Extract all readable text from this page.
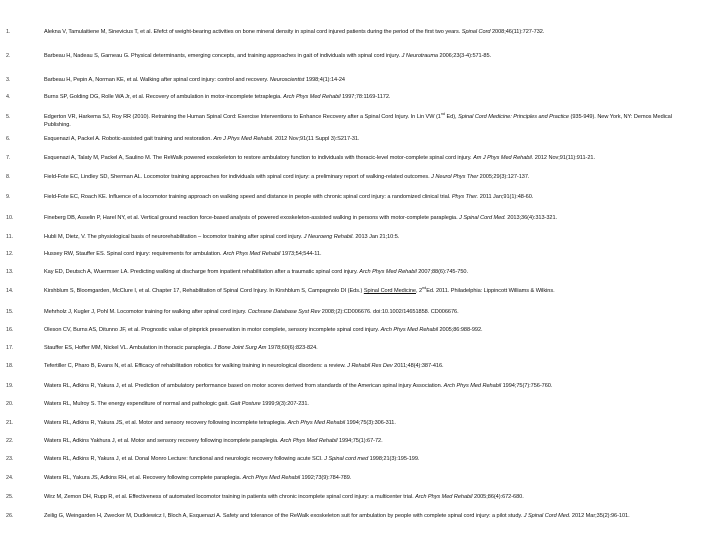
1.	Alekna V, Tamulaitiene M, Sinevicius T, et al. Efefct of weight-bearing activities on bone mineral density in spinal cord injured patients during the period of the first two years. Spinal Cord 2008;46(11):727-732.
2.	Barbeau H, Nadeau S, Garneau G. Physical determinants, emerging concepts, and training approaches in gait of individuals with spinal cord injury. J Neurotrauma 2006;23(3-4):571-85.
3.	Barbeau H, Pepin A, Norman KE, et al. Walking after spinal cord injury: control and recovery. Neuroscientist 1998;4(1):14-24
4.	Burns SP, Golding DG, Rolle WA Jr, et al. Recovery of ambulation in motor-incomplete tetraplegia. Arch Phys Med Rehabil 1997;78:1169-1172.
5.	Edgerton VR, Harkema SJ, Roy RR (2010). Retraining the Human Spinal Cord: Exercise Interventions to Enhance Recovery after a Spinal Cord Injury. In Lin VW (1nd Ed), Spinal Cord Medicine: Principles and Practice (935-949). New York, NY: Demos Medical Publishing.
6.	Esquenazi A, Packel A. Robotic-assisted gait training and restoration. Am J Phys Med Rehabil. 2012 Nov;91(11 Suppl 3):S217-31.
7.	Esquenazi A, Talaty M, Packel A, Saulino M. The ReWalk powered exoskeleton to restore ambulatory function to individuals with thoracic-level motor-complete spinal cord injury. Am J Phys Med Rehabil. 2012 Nov;91(11):911-21.
8.	Field-Fote EC, Lindley SD, Sherman AL. Locomotor training approaches for individuals with spinal cord injury: a preliminary report of walking-related outcomes. J Neurol Phys Ther 2005;29(3):127-137.
9.	Field-Fote EC, Roach KE. Influence of a locomotor training approach on walking speed and distance in people with chronic spinal cord injury: a randomized clinical trial. Phys Ther. 2011 Jan;91(1):48-60.
10.	Fineberg DB, Asselin P, Harel NY, et al. Vertical ground reaction force-based analysis of powered exoskeleton-assisted walking in persons with motor-complete paraplegia. J Spinal Cord Med. 2013;36(4):313-321.
11.	Hubli M, Dietz, V. The physiological basis of neurorehabilitation – locomotor training after spinal cord injury. J Neuroeng Rehabil. 2013 Jan 21;10:5.
12.	Hussey RW, Stauffer ES. Spinal cord injury: requirements for ambulation. Arch Phys Med Rehabil 1973;54;544-11.
13.	Kay ED, Deutsch A, Wuermser LA. Predicting walking at discharge from inpatient rehabilitation after a traumatic spinal cord injury. Arch Phys Med Rehabil 2007;88(6):745-750.
14.	Kirshblum S, Bloomgarden, McClure I, et al. Chapter 17, Rehabilitation of Spinal Cord Injury. In Kirshblum S, Campagnolo DI (Eds.) Spinal Cord Medicine, 2ndEd. 2011. Philadelphia: Lippincott Williams & Wilkins.
15.	Mehrholz J, Kugler J, Pohl M. Locomotor training for walking after spinal cord injury. Cochrane Database Syst Rev 2008;(2):CD006676. doi:10.1002/14651858. CD006676.
16.	Oleson CV, Burns AS, Ditunno JF, et al. Prognostic value of pinprick preservation in motor complete, sensory incomplete spinal cord injury. Arch Phys Med Rehabil 2005;86:988-992.
17.	Stauffer ES, Hoffer MM, Nickel VL. Ambulation in thoracic paraplegia. J Bone Joint Surg Am 1978;60(6):823-824.
18.	Tefertiller C, Pharo B, Evans N, et al. Efficacy of rehabilitation robotics for walking training in neurological disorders: a review. J Rehabil Res Dev 2011;48(4):387-416.
19.	Waters RL, Adkins R, Yakura J, et al. Prediction of ambulatory performance based on motor scores derived from standards of the American spinal injury Association. Arch Phys Med Rehabil 1994;75(7):756-760.
20.	Waters RL, Mulroy S. The energy expenditure of normal and pathologic gait. Gait Posture 1999;9(3):207-231.
21.	Waters RL, Adkins R, Yakura JS, et al. Motor and sensory recovery following incomplete tetraplegia. Arch Phys Med Rehabil 1994;75(3):306-311.
22.	Waters RL, Adkins Yakhura J, et al. Motor and sensory recovery following incomplete paraplegia. Arch Phys Med Rehabil 1994;75(1):67-72.
23.	Waters RL, Adkins R, Yakura J, et al. Donal Monro Lecture: functional and neurologic recovery following acute SCI. J Spinal cord med 1998;21(3):195-199.
24.	Waters RL, Yakura JS, Adkins RH, et al. Recovery following complete paraplegia. Arch Phys Med Rehabil 1992;73(9):784-789.
25.	Wirz M, Zemon DH, Rupp R, et al. Effectiveness of automated locomotor training in patients with chronic incomplete spinal cord injury: a multicenter trial. Arch Phys Med Rehabil 2005;86(4):672-680.
26.	Zeilig G, Weingarden H, Zwecker M, Dudkiewicz I, Bloch A, Esquenazi A. Safety and tolerance of the ReWalk exoskeleton suit for ambulation by people with complete spinal cord injury: a pilot study. J Spinal Cord Med. 2012 Mar;35(2):96-101.
